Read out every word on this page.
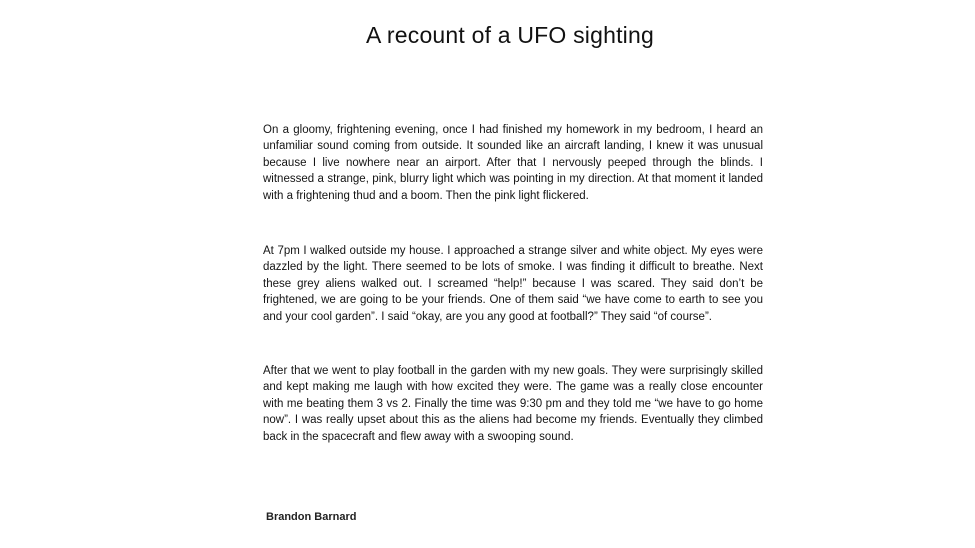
A recount of a UFO sighting
On a gloomy, frightening evening, once I had finished my homework in my bedroom, I heard an unfamiliar sound coming from outside. It sounded like an aircraft landing, I knew it was unusual because I live nowhere near an airport. After that I nervously peeped through the blinds. I witnessed a strange, pink, blurry light which was pointing in my direction. At that moment it landed with a frightening thud and a boom. Then the pink light flickered.
At 7pm I walked outside my house. I approached a strange silver and white object. My eyes were dazzled by the light. There seemed to be lots of smoke. I was finding it difficult to breathe. Next these grey aliens walked out. I screamed “help!” because I was scared. They said don’t be frightened, we are going to be your friends. One of them said “we have come to earth to see you and your cool garden”. I said “okay, are you any good at football?” They said “of course”.
After that we went to play football in the garden with my new goals. They were surprisingly skilled and kept making me laugh with how excited they were. The game was a really close encounter with me beating them 3 vs 2. Finally the time was 9:30 pm and they told me “we have to go home now”. I was really upset about this as the aliens had become my friends. Eventually they climbed back in the spacecraft and flew away with a swooping sound.
Brandon Barnard
